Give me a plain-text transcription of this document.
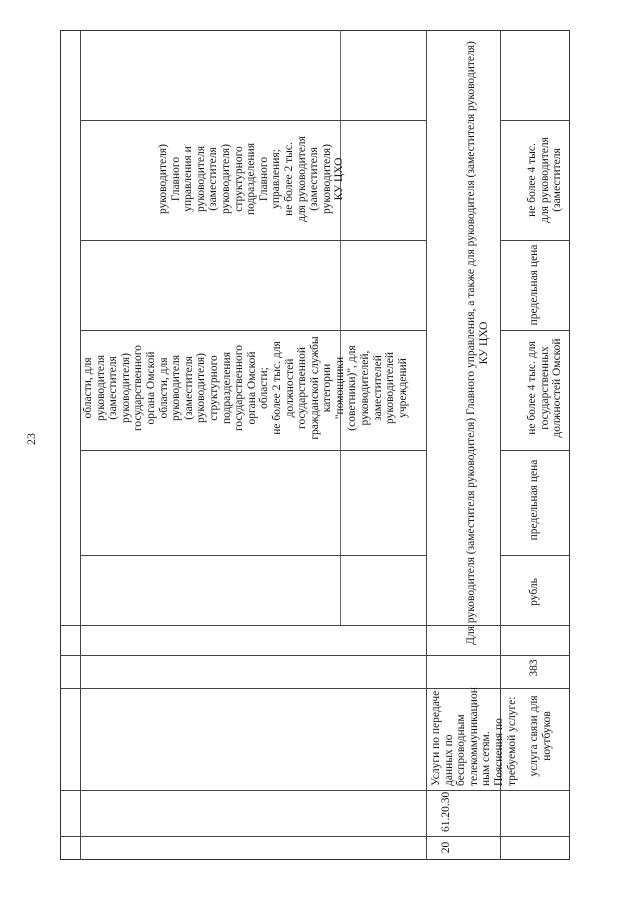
23
области, для
руководителя
(заместителя
руководителя)
государственного
органа Омской
области, для
руководителя
(заместителя
руководителя)
структурного
подразделения
государственного
органа Омской
области;
не более 2 тыс. для
должностей
государственной
гражданской службы
категории
"помощники
(советники)", для
руководителей,
заместителей
руководителей
учреждений
руководителя)
Главного
управления и
руководителя
(заместителя
руководителя)
структурного
подразделения
Главного
управления;
не более 2 тыс.
для руководителя
(заместителя
руководителя)
КУ ЦХО
20
61.20.30
Услуги по передаче
данных по
беспроводным
телекоммуникацион
ным сетям.
Пояснения по
требуемой услуге:
Для руководителя (заместителя руководителя) Главного управления, а также для руководителя (заместителя руководителя)
КУ ЦХО
услуга связи для
ноутбуков
383
рубль
предельная цена
не более 4 тыс. для
государственных
должностей Омской
предельная цена
не более 4 тыс.
для руководителя
(заместителя
